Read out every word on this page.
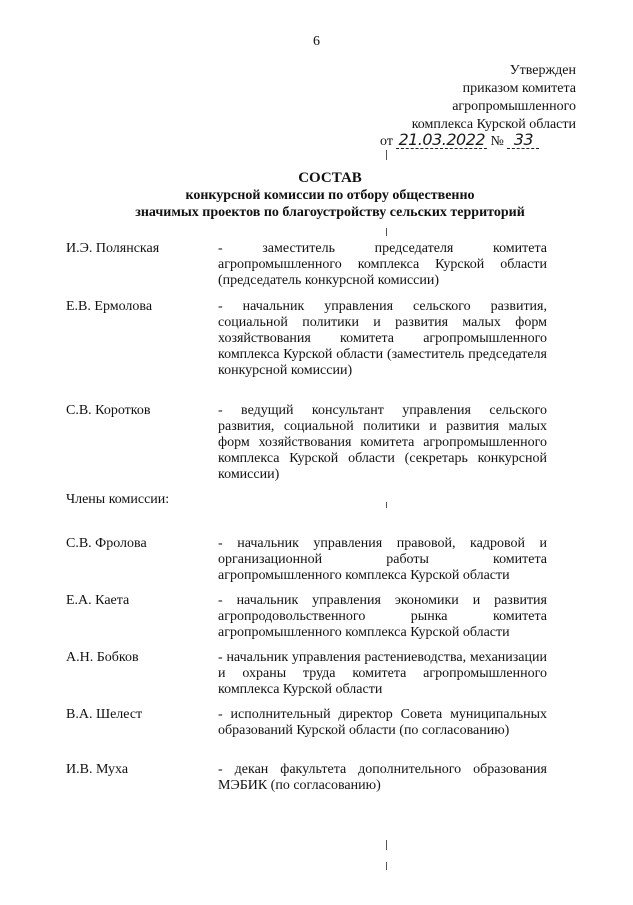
6
Утвержден
приказом комитета
агропромышленного
комплекса Курской области
от 21.03.2022 № 33
СОСТАВ
конкурсной комиссии по отбору общественно
значимых проектов по благоустройству сельских территорий
И.Э. Полянская	- заместитель председателя комитета агропромышленного комплекса Курской области (председатель конкурсной комиссии)
Е.В. Ермолова	- начальник управления сельского развития, социальной политики и развития малых форм хозяйствования комитета агропромышленного комплекса Курской области (заместитель председателя конкурсной комиссии)
С.В. Коротков	- ведущий консультант управления сельского развития, социальной политики и развития малых форм хозяйствования комитета агропромышленного комплекса Курской области (секретарь конкурсной комиссии)
Члены комиссии:
С.В. Фролова	- начальник управления правовой, кадровой и организационной работы комитета агропромышленного комплекса Курской области
Е.А. Каета	- начальник управления экономики и развития агропродовольственного рынка комитета агропромышленного комплекса Курской области
А.Н. Бобков	- начальник управления растениеводства, механизации и охраны труда комитета агропромышленного комплекса Курской области
В.А. Шелест	- исполнительный директор Совета муниципальных образований Курской области (по согласованию)
И.В. Муха	- декан факультета дополнительного образования МЭБИК (по согласованию)
